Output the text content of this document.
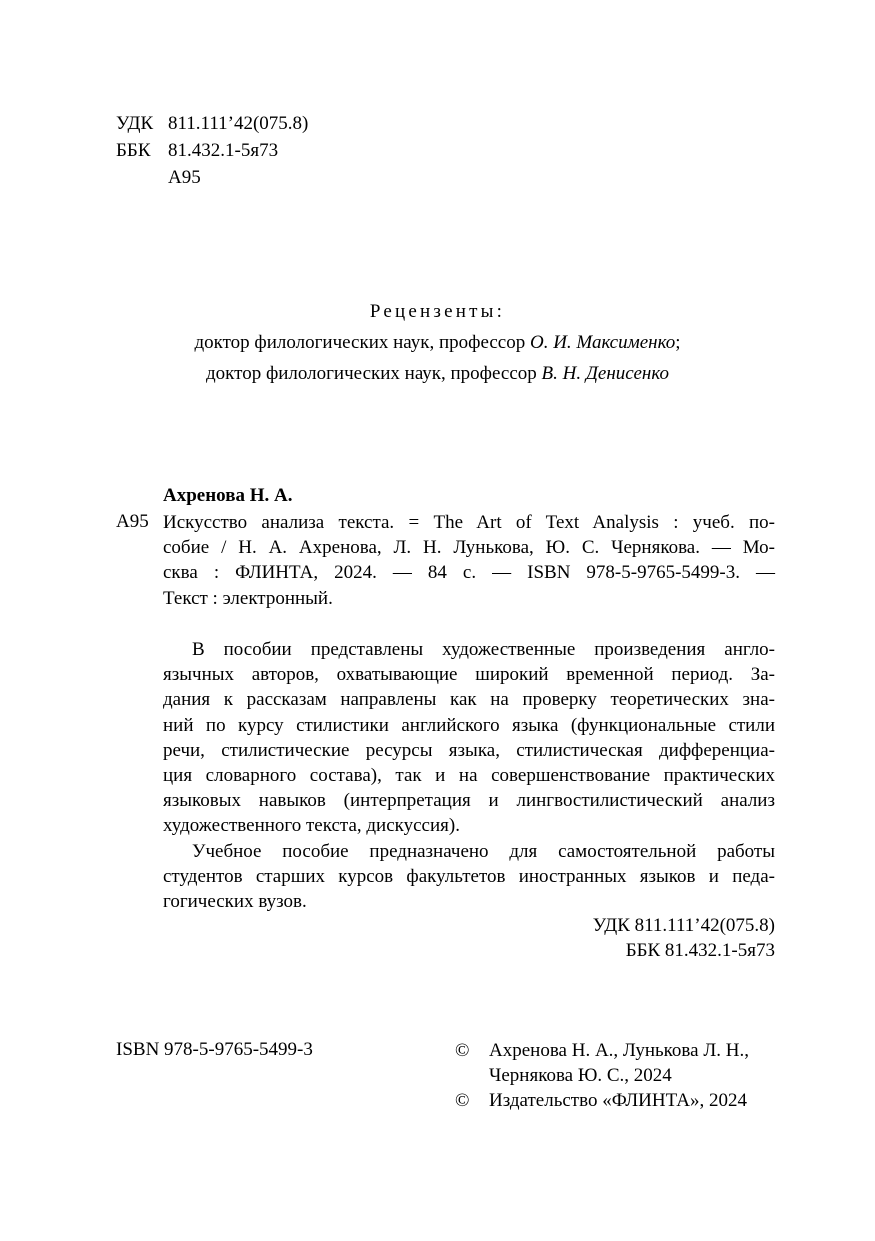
УДК 811.111’42(075.8)
ББК 81.432.1-5я73
А95
Рецензенты:
доктор филологических наук, профессор О. И. Максименко;
доктор филологических наук, профессор В. Н. Денисенко
Ахренова Н. А.
А95 Искусство анализа текста. = The Art of Text Analysis : учеб. по-
собие / Н. А. Ахренова, Л. Н. Лунькова, Ю. С. Чернякова. — Мо-
сква : ФЛИНТА, 2024. — 84 с. — ISBN 978-5-9765-5499-3. —
Текст : электронный.
В пособии представлены художественные произведения англо-
язычных авторов, охватывающие широкий временной период. За-
дания к рассказам направлены как на проверку теоретических зна-
ний по курсу стилистики английского языка (функциональные стили
речи, стилистические ресурсы языка, стилистическая дифференциа-
ция словарного состава), так и на совершенствование практических
языковых навыков (интерпретация и лингвостилистический анализ
художественного текста, дискуссия).
Учебное пособие предназначено для самостоятельной работы
студентов старших курсов факультетов иностранных языков и педа-
гогических вузов.
УДК 811.111’42(075.8)
ББК 81.432.1-5я73
ISBN 978-5-9765-5499-3	© Ахренова Н. А., Лунькова Л. Н.,
Чернякова Ю. С., 2024
© Издательство «ФЛИНТА», 2024
